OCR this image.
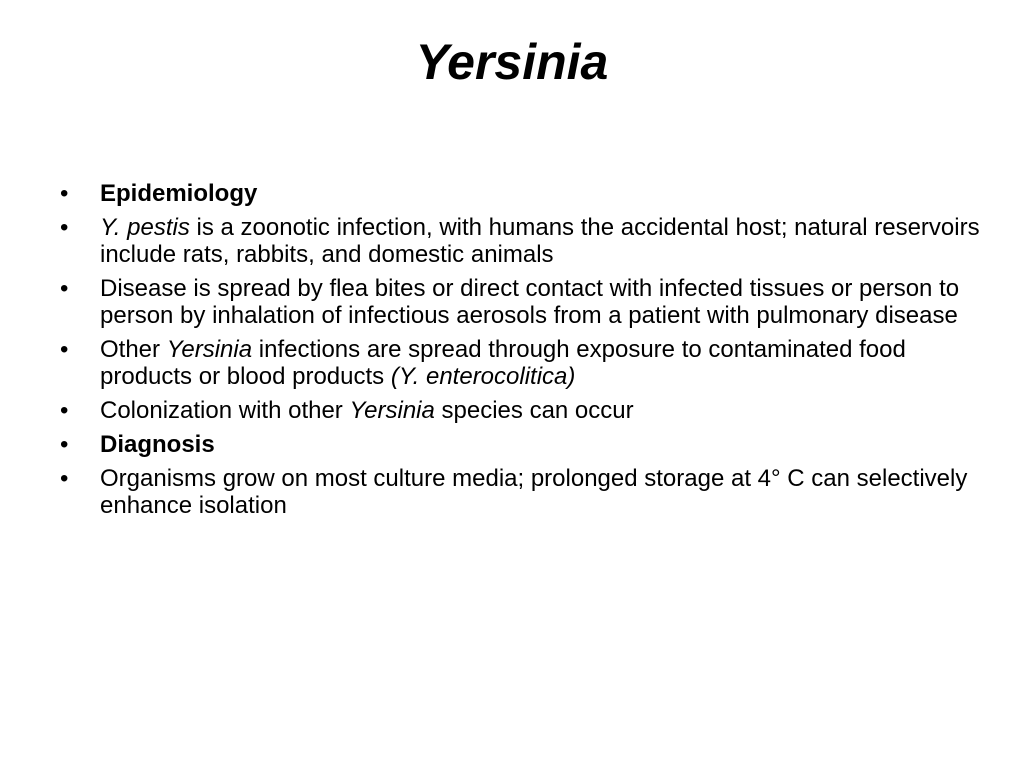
Yersinia
•	Epidemiology
•	Y. pestis is a zoonotic infection, with humans the accidental host; natural reservoirs include rats, rabbits, and domestic animals
•	Disease is spread by flea bites or direct contact with infected tissues or person to person by inhalation of infectious aerosols from a patient with pulmonary disease
•	Other Yersinia infections are spread through exposure to contaminated food products or blood products (Y. enterocolitica)
•	Colonization with other Yersinia species can occur
•	Diagnosis
•	Organisms grow on most culture media; prolonged storage at 4° C can selectively enhance isolation
